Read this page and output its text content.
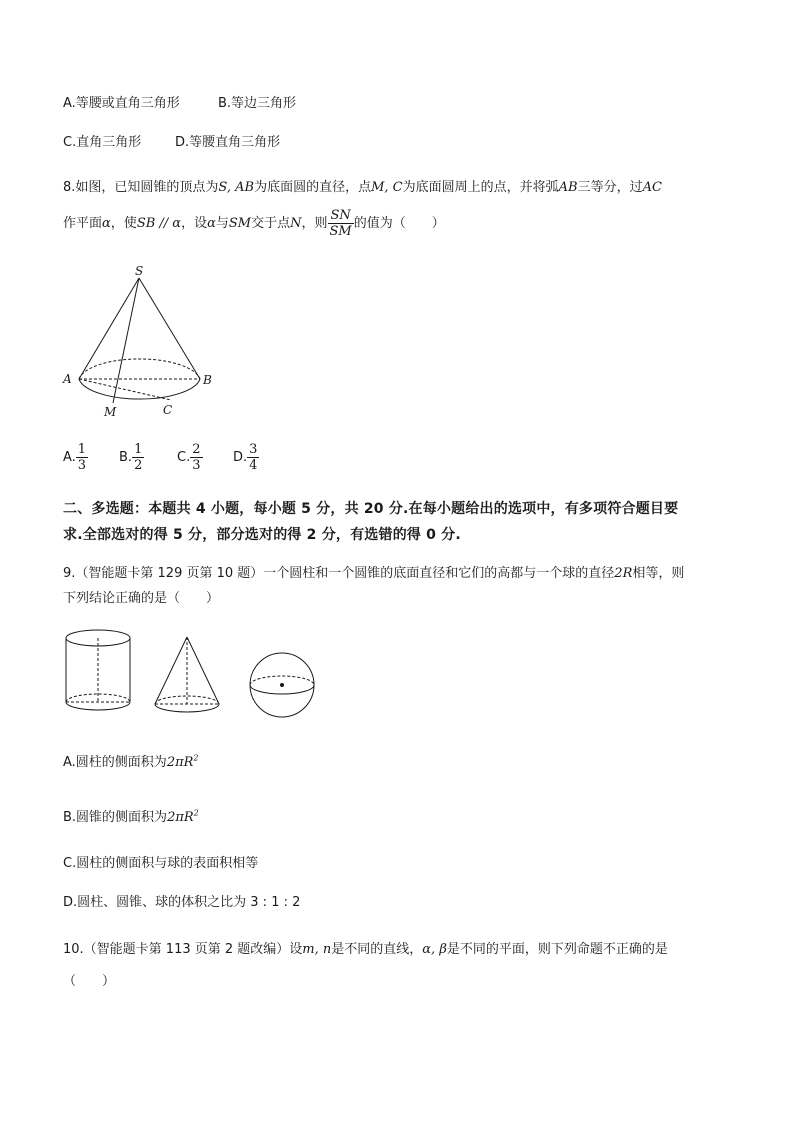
A.等腰或直角三角形	B.等边三角形
C.直角三角形	D.等腰直角三角形
8.如图，已知圆锥的顶点为S, AB为底面圆的直径，点M, C为底面圆周上的点，并将弧AB三等分，过AC
作平面α，使SB // α，设α与SM交于点N，则 $\frac{SN}{SM}$ 的值为（　　）
S
A	B
M	C
A. $\frac{1}{3} B$. $\frac{1}{2}$	C. $\frac{2}{3} D$. $\frac{3}{4}$
二、多选题：本题共 4 小题，每小题 5 分，共 20 分.在每小题给出的选项中，有多项符合题目要
求.全部选对的得 5 分，部分选对的得 2 分，有选错的得 0 分.
9.（智能题卡第 129 页第 10 题）一个圆柱和一个圆锥的底面直径和它们的高都与一个球的直径2R相等，则
下列结论正确的是（　　）
A.圆柱的侧面积为$2\pi R^2$
B.圆锥的侧面积为$2\pi R^2$
C.圆柱的侧面积与球的表面积相等
D.圆柱、圆锥、球的体积之比为 3 : 1 : 2
10.（智能题卡第 113 页第 2 题改编）设m, n是不同的直线，α, β是不同的平面，则下列命题不正确的是
（　　）
